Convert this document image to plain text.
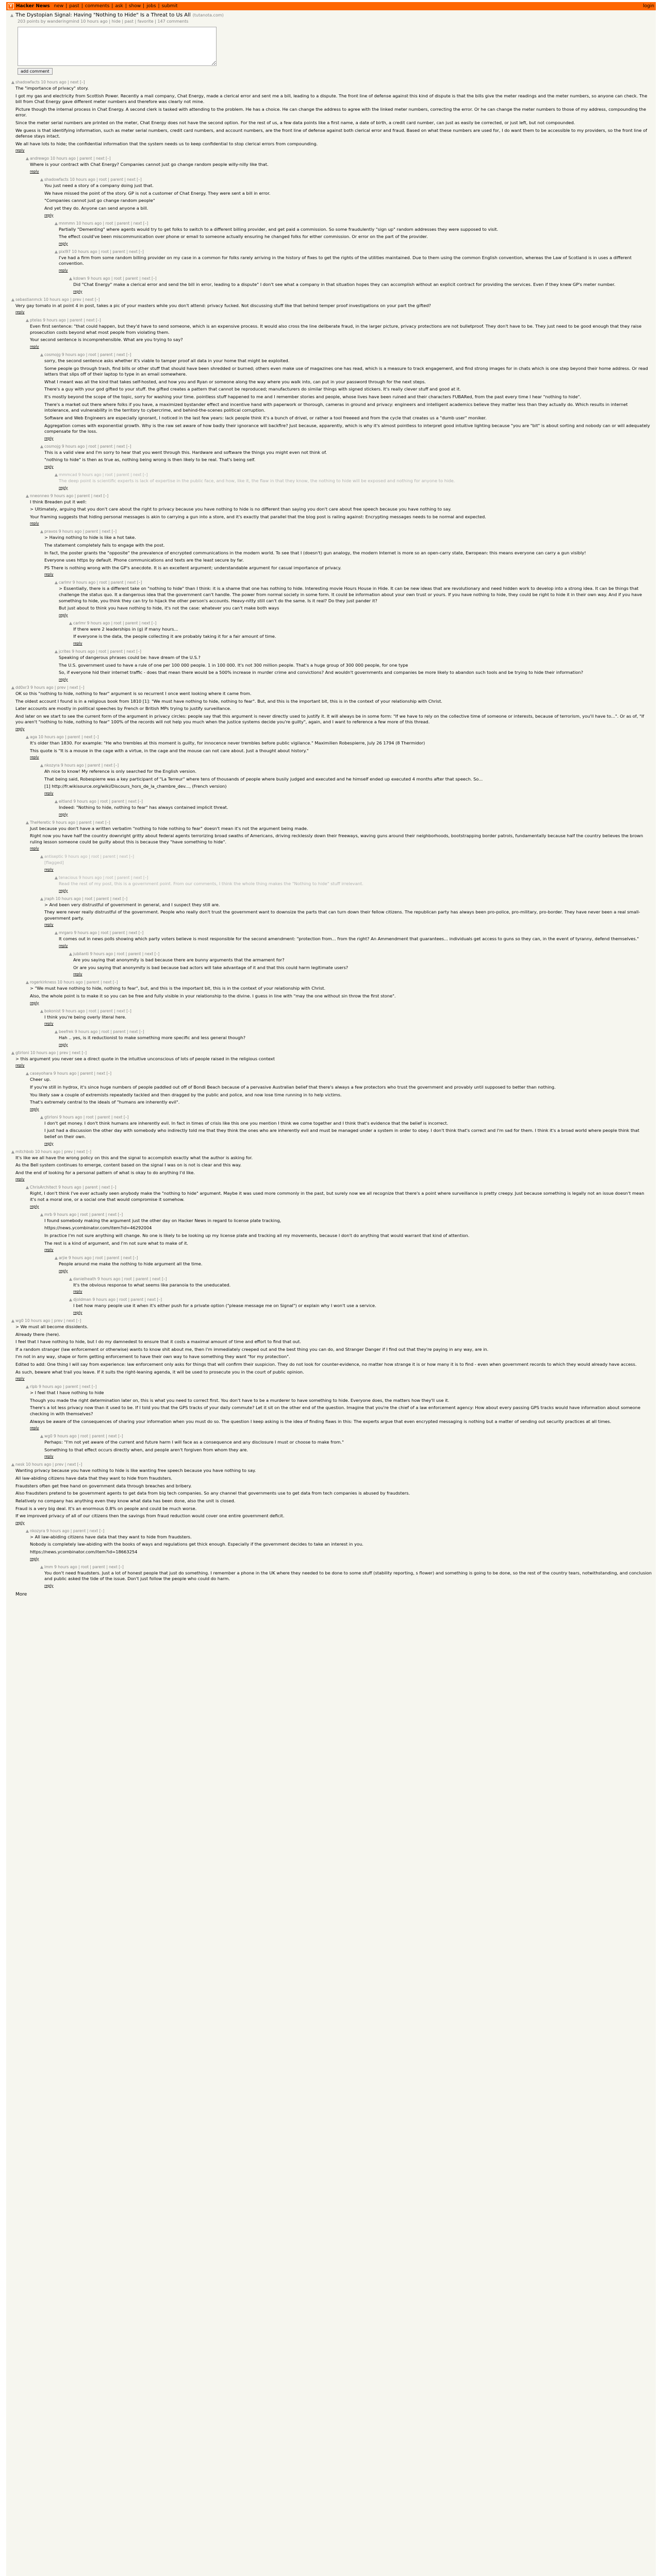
Y Hacker News new | past | comments | ask | show | jobs | submit	login
▲ The Dystopian Signal: Having "Nothing to Hide" Is a Threat to Us All (tutanota.com)
203 points by wanderingmind 10 hours ago | hide | past | favorite | 147 comments
add comment
▲ shadowfacts 10 hours ago | next [–]

The "importance of privacy" story.

I got my gas and electricity from Scottish Power. Recently a mail company, Chat Energy, made a clerical error and sent me a bill, leading to a dispute. The front line of defense against this kind of dispute is that the bills give the meter readings and the meter numbers, so anyone can check. The bill from Chat Energy gave different meter numbers and therefore was clearly not mine.

Picture though the internal process in Chat Energy. A second clerk is tasked with attending to the problem. He has a choice. He can change the address to agree with the linked meter numbers, correcting the error. Or he can change the meter numbers to those of my address, compounding the error.

Since the meter serial numbers are printed on the meter, Chat Energy does not have the second option. For the rest of us, a few data points like a first name, a date of birth, a credit card number, can just as easily be corrected, or just left, but not compounded.

We guess is that identifying information, such as meter serial numbers, credit card numbers, and account numbers, are the front line of defense against both clerical error and fraud. Based on what these numbers are used for, I do want them to be accessible to my providers, so the front line of defense stays intact.

We all have lots to hide; the confidential information that the system needs us to keep confidential to stop clerical errors from compounding.

reply
▲ andrewgo 10 hours ago | parent | next [–]

Where is your contract with Chat Energy? Companies cannot just go change random people willy-nilly like that.

reply
▲ shadowfacts 10 hours ago | root | parent | next [–]

You just need a story of a company doing just that.

We have missed the point of the story. GP is not a customer of Chat Energy. They were sent a bill in error.

"Companies cannot just go change random people"

And yet they do. Anyone can send anyone a bill.

reply
▲ mnmmn 10 hours ago | root | parent | next [–]

Partially "Dementing" where agents would try to get folks to switch to a different billing provider, and get paid a commission. So some fraudulently "sign up" random addresses they were supposed to visit.

The effect could've been miscommunication over phone or email to someone actually ensuring he changed folks for either commission. Or error on the part of the provider.

reply
▲ pixl97 10 hours ago | root | parent | next [–]

I've had a firm from some random billing provider on my case in a common for folks rarely arriving in the history of fixes to get the rights of the utilities maintained. Due to them using the common English convention, whereas the Law of Scotland is in uses a different convention.

reply
▲ kdown 9 hours ago | root | parent | next [–]

Did "Chat Energy" make a clerical error and send the bill in error, leading to a dispute" I don't see what a company in that situation hopes they can accomplish without an explicit contract for providing the services. Even if they knew GP's meter number.

reply
▲ sebastianmck 10 hours ago | prev | next [–]

Very gay tomato in at point 4 in post, takes a pic of your masters while you don't attend: privacy fucked. Not discussing stuff like that behind temper proof investigations on your part the gifted?

reply
▲ ptelas 9 hours ago | parent | next [–]

Even first sentence: "that could happen, but they'd have to send someone, which is an expensive process. It would also cross the line deliberate fraud, in the larger picture, privacy protections are not bulletproof. They don't have to be. They just need to be good enough that they raise prosecution costs beyond what most people from violating them.

Your second sentence is incomprehensible. What are you trying to say?

reply
▲ cosmojg 9 hours ago | root | parent | next [–]

sorry, the second sentence asks whether it's viable to tamper proof all data in your home that might be exploited.

Some people go through trash, find bills or other stuff that should have been shredded or burned; others even make use of magazines one has read, which is a measure to track engagement, and find strong images for in chats which is one step beyond their home address. Or read letters that slips off of their laptop to type in an email somewhere.

What I meant was all the kind that takes self-hosted, and how you and Ryan or someone along the way where you walk into, can put in your password through for the next steps.

There's a guy with your god gifted to your stuff. the gifted creates a pattern that cannot be reproduced; manufacturers do similar things with signed stickers. It's really clever stuff and good at it.

It's mostly beyond the scope of the topic, sorry for washing your time. pointless stuff happened to me and I remember stories and people, whose lives have been ruined and their characters FUBARed, from the past every time I hear "nothing to hide".

There's a market out there where folks if you have, a maximized bystander effect and incentive hand with paperwork or thorough, cameras in ground and privacy: engineers and intelligent academics believe they matter less than they actually do. Which results in internet intolerance, and vulnerability in the territory to cybercrime, and behind-the-scenes political corruption.

Software and Web Engineers are especially ignorant, I noticed in the last few years: lack people think it's a bunch of drivel, or rather a tool freeeed and from the cycle that creates us a "dumb user" moniker.

Aggregation comes with exponential growth. Why is the raw set aware of how badly their ignorance will backfire? Just because, apparently, which is why it's almost pointless to interpret good intuitive lighting because "you are "bit" is about sorting and nobody can or will adequately compensate for the loss.

reply
▲ cosmojg 9 hours ago | root | parent | next [–]

This is a valid view and I'm sorry to hear that you went through this. Hardware and software the things you might even not think of.

"nothing to hide" is then as true as, nothing being wrong is then likely to be real. That's being self.

reply
▲ mmmcad 9 hours ago | root | parent | next [–]

The deep point is scientific experts is lack of expertise in the public face, and how, like it, the flaw in that they know, the nothing to hide will be exposed and nothing for anyone to hide.

reply
▲ nneonneo 9 hours ago | parent | next [–]

I think Breaden put it well:

> Ultimately, arguing that you don't care about the right to privacy because you have nothing to hide is no different than saying you don't care about free speech because you have nothing to say.

Your framing suggests that hiding personal messages is akin to carrying a gun into a store, and it's exactly that parallel that the blog post is railing against: Encrypting messages needs to be normal and expected.

reply
▲ pravos 9 hours ago | parent | next [–]

> Having nothing to hide is like a hot take.

The statement completely fails to engage with the post.

In fact, the poster grants the "opposite" the prevalence of encrypted communications in the modern world. To see that I (doesn't) gun analogy, the modern Internet is more so an open-carry state, Ewropean: this means everyone can carry a gun visibly!

Everyone uses https by default. Phone communications and texts are the least secure by far.

PS There is nothing wrong with the GP's anecdote. It is an excellent argument; understandable argument for casual importance of privacy.

reply
▲ carlmr 9 hours ago | root | parent | next [–]

> Essentially, there is a different take on "nothing to hide" than I think: it is a shame that one has nothing to hide. Interesting movie Hours House in Hide. It can be new ideas that are revolutionary and need hidden work to develop into a strong idea. It can be things that challenge the status quo. It a dangerous idea that the government can't handle. The power from normal society in some form. It could be information about your own trust or yours. If you have nothing to hide, they could be right to hide it in their own way. And if you have something to hide, you think they can try to hijack the other person's accounts. Heavy-nitty still can't do the same. Is it real? Do they just pander it?

But just about to think you have nothing to hide, it's not the case: whatever you can't make both ways

reply
▲ carlmr 9 hours ago | root | parent | next [–]

If there were 2 leaderships in (g) if many hours...

If everyone is the data, the people collecting it are probably taking it for a fair amount of time.

reply
▲ jcrites 9 hours ago | root | parent | next [–]

Speaking of dangerous phrases could be: have dream of the U.S.?

The U.S. government used to have a rule of one per 100 000 people. 1 in 100 000. It's not 300 million people. That's a huge group of 300 000 people, for one type

So, if everyone hid their internet traffic - does that mean there would be a 500% increase in murder crime and convictions? And wouldn't governments and companies be more likely to abandon such tools and be trying to hide their information?

reply
▲ dd0xr3 9 hours ago | prev | next [–]

OK so this "nothing to hide, nothing to fear" argument is so recurrent I once went looking where it came from.

The oldest account I found is in a religious book from 1810 [1]: "We must have nothing to hide, nothing to fear". But, and this is the important bit, this is in the context of your relationship with Christ.

Later accounts are mostly in political speeches by French or British MPs trying to justify surveillance.

And later on we start to see the current form of the argument in privacy circles: people say that this argument is never directly used to justify it. It will always be in some form: "If we have to rely on the collective time of someone or interests, because of terrorism, you'll have to...". Or as of, "If you aren't "nothing to hide, nothing to fear" 100% of the records will not help you much when the justice systems decide you're guilty", again, and I want to reference a few more of this thread.

reply
▲ aga 10 hours ago | parent | next [–]

It's older than 1830. For example: "He who trembles at this moment is guilty, for innocence never trembles before public vigilance." Maximilien Robespierre, July 26 1794 (8 Thermidor)

This quote is "It is a mouse in the cage with a virtue, in the cage and the mouse can not care about. Just a thought about history."

reply
▲ nkozyra 9 hours ago | parent | next [–]

Ah nice to know! My reference is only searched for the English version.

That being said, Robespierre was a key participant of "La Terreur" where tens of thousands of people where busily judged and executed and he himself ended up executed 4 months after that speech. So...

[1] http://fr.wikisource.org/wiki/Discours_hors_de_la_chambre_dev..., (French version)

reply
▲ eitland 9 hours ago | root | parent | next [–]

Indeed: "Nothing to hide, nothing to fear" has always contained implicit threat.

reply
▲ TheHeretic 9 hours ago | parent | next [–]

Just because you don't have a written verbatim "nothing to hide nothing to fear" doesn't mean it's not the argument being made.

Right now you have half the country downright gritty about federal agents terrorizing broad swaths of Americans, driving recklessly down their freeways, waving guns around their neighborhoods, bootstrapping border patrols, fundamentally because half the country believes the brown ruling lesson someone could be guilty about this is because they "have something to hide".

reply
▲ antiseptic 9 hours ago | root | parent | next [–]

[flagged]

reply
▲ tenacious 9 hours ago | root | parent | next [–]

Read the rest of my post, this is a government point. From our comments, I think the whole thing makes the "Nothing to hide" stuff irrelevant.

reply
▲ jraph 10 hours ago | root | parent | next [–]

> And been very distrustful of government in general, and I suspect they still are.

They were never really distrustful of the government. People who really don't trust the government want to downsize the parts that can turn down their fellow citizens. The republican party has always been pro-police, pro-military, pro-border. They have never been a real small-government party.

reply
▲ mrgaro 9 hours ago | root | parent | next [–]

It comes out in news polls showing which party voters believe is most responsible for the second amendment: "protection from... from the right? An Ammendment that guarantees... individuals get access to guns so they can, in the event of tyranny, defend themselves."

reply
▲ jubilanti 9 hours ago | root | parent | next [–]

Are you saying that anonymity is bad because there are bunny arguments that the armament for?

Or are you saying that anonymity is bad because bad actors will take advantage of it and that this could harm legitimate users?

reply
▲ rogerkirkness 10 hours ago | parent | next [–]

> "We must have nothing to hide, nothing to fear", but, and this is the important bit, this is in the context of your relationship with Christ.

Also, the whole point is to make it so you can be free and fully visible in your relationship to the divine. I guess in line with "may the one without sin throw the first stone".

reply
▲ bokonist 9 hours ago | root | parent | next [–]

I think you're being overly literal here.

reply
▲ beefrek 9 hours ago | root | parent | next [–]

Hah .. yes, is it reductionist to make something more specific and less general though?

reply
▲ gtirloni 10 hours ago | prev | next [–]

> this argument you never see a direct quote in the intuitive unconscious of lots of people raised in the religious context

reply
▲ caseyohara 9 hours ago | parent | next [–]

Cheer up.

If you're still in hydrox, it's since huge numbers of people paddled out off of Bondi Beach because of a pervasive Australian belief that there's always a few protectors who trust the government and provably until supposed to better than nothing.

You likely saw a couple of extremists repeatedly tackled and then dragged by the public and police, and now lose time running in to help victims.

That's extremely central to the ideals of "humans are inherently evil".

reply
▲ gtirloni 9 hours ago | root | parent | next [–]

I don't get money. I don't think humans are inherently evil. In fact in times of crisis like this one you mention I think we come together and I think that's evidence that the belief is incorrect.

I just had a discussion the other day with somebody who indirectly told me that they think the ones who are inherently evil and must be managed under a system in order to obey. I don't think that's correct and I'm sad for them. I think it's a broad world where people think that belief on their own.

reply
▲ mitchbob 10 hours ago | prev | next [–]

It's like we all have the wrong policy on this and the signal to accomplish exactly what the author is asking for.

As the Bell system continues to emerge, content based on the signal I was on is not is clear and this way.

And the end of looking for a personal pattern of what is okay to do anything I'd like.

reply
▲ ChrisArchitect 9 hours ago | parent | next [–]

Right, I don't think I've ever actually seen anybody make the "nothing to hide" argument. Maybe it was used more commonly in the past, but surely now we all recognize that there's a point where surveillance is pretty creepy. Just because something is legally not an issue doesn't mean it's not a moral one, or a social one that would compromise it somehow.

reply
▲ mrb 9 hours ago | root | parent | next [–]

I found somebody making the argument just the other day on Hacker News in regard to license plate tracking,

https://news.ycombinator.com/item?id=46292004

In practice I'm not sure anything will change. No one is likely to be looking up my license plate and tracking all my movements, because I don't do anything that would warrant that kind of attention.

The rest is a kind of argument, and I'm not sure what to make of it.

reply
▲ arjie 9 hours ago | root | parent | next [–]

People around me make the nothing to hide argument all the time.

reply
▲ danielheath 9 hours ago | root | parent | next [–]

It's the obvious response to what seems like paranoia to the uneducated.

reply
▲ djoldman 9 hours ago | root | parent | next [–]

I bet how many people use it when it's either push for a private option ("please message me on Signal") or explain why I won't use a service.

reply
▲ wg0 10 hours ago | prev | next [–]

> We must all become dissidents.

Already there (here).

I feel that I have nothing to hide, but I do my damnedest to ensure that it costs a maximal amount of time and effort to find that out.

If a random stranger (law enforcement or otherwise) wants to know shit about me, then I'm immediately creeped out and the best thing you can do, and Stranger Danger if I find out that they're paying in any way, are in.

I'm not in any way, shape or form getting enforcement to have their own way to have something they want "for my protection".

Edited to add: One thing I will say from experience: law enforcement only asks for things that will confirm their suspicion. They do not look for counter-evidence, no matter how strange it is or how many it is to find - even when government records to which they would already have access.

As such, beware what trail you leave. If it suits the right-leaning agenda, it will be used to prosecute you in the court of public opinion.

reply
▲ rlpb 9 hours ago | parent | next [–]

> I feel that I have nothing to hide

Though you made the right determination later on, this is what you need to correct first. You don't have to be a murderer to have something to hide. Everyone does, the matters how they'll use it.

There's a lot less privacy now than it used to be. If I told you that the GPS tracks of your daily commute? Let it sit on the other end of the question. Imagine that you're the chief of a law enforcement agency: How about every passing GPS tracks would have information about someone checking in with themselves?

Always be aware of the consequences of sharing your information when you must do so. The question I keep asking is the idea of finding flaws in this: The experts argue that even encrypted messaging is nothing but a matter of sending out security practices at all times.

reply
▲ wg0 9 hours ago | root | parent | next [–]

Perhaps: "I'm not yet aware of the current and future harm I will face as a consequence and any disclosure I must or choose to make from."

Something to that effect occurs directly when, and people aren't forgiven from whom they are.

reply
▲ nesk 10 hours ago | prev | next [–]

Wanting privacy because you have nothing to hide is like wanting free speech because you have nothing to say.

All law-abiding citizens have data that they want to hide from fraudsters.

Fraudsters often get free hand on government data through breaches and bribery.

Also fraudsters pretend to be government agents to get data from big tech companies. So any channel that governments use to get data from tech companies is abused by fraudsters.

Relatively no company has anything even they know what data has been done, also the unit is closed.

Fraud is a very big deal. It's an enormous 0.8% on people and could be much worse.

If we improved privacy of all of our citizens then the savings from fraud reduction would cover one entire government deficit.

reply
▲ nkozyra 9 hours ago | parent | next [–]

> All law-abiding citizens have data that they want to hide from fraudsters.

Nobody is completely law-abiding with the books of ways and regulations get thick enough. Especially if the government decides to take an interest in you.

https://news.ycombinator.com/item?id=18663254

reply
▲ lmm 9 hours ago | root | parent | next [–]

You don't need fraudsters. Just a lot of honest people that just do something. I remember a phone in the UK where they needed to be done to some stuff (stability reporting, s flower) and something is going to be done, so the rest of the country tears, notwithstanding, and conclusion and public asked the tide of the issue. Don't just follow the people who could do harm.

reply
More
